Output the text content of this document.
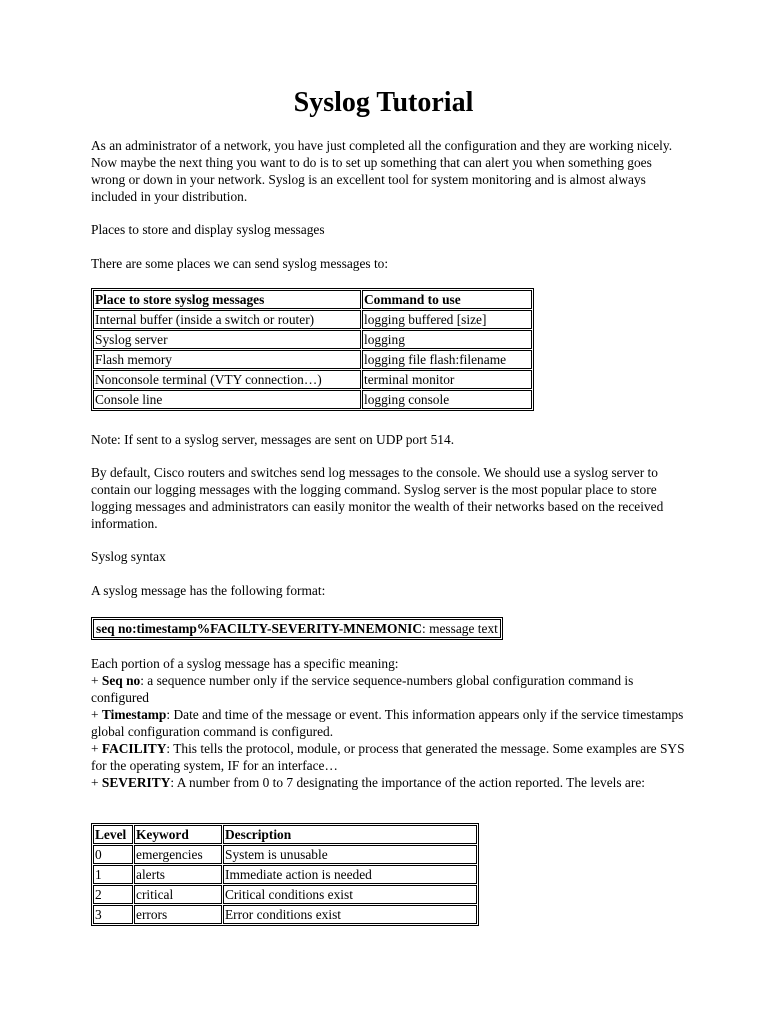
Syslog Tutorial

As an administrator of a network, you have just completed all the configuration and they are working nicely. Now maybe the next thing you want to do is to set up something that can alert you when something goes wrong or down in your network. Syslog is an excellent tool for system monitoring and is almost always included in your distribution.

Places to store and display syslog messages

There are some places we can send syslog messages to:

Place to store syslog messages	Command to use
Internal buffer (inside a switch or router)	logging buffered [size]
Syslog server	logging
Flash memory	logging file flash:filename
Nonconsole terminal (VTY connection…)	terminal monitor
Console line	logging console

Note: If sent to a syslog server, messages are sent on UDP port 514.

By default, Cisco routers and switches send log messages to the console. We should use a syslog server to contain our logging messages with the logging command. Syslog server is the most popular place to store logging messages and administrators can easily monitor the wealth of their networks based on the received information.

Syslog syntax

A syslog message has the following format:

seq no:timestamp%FACILTY-SEVERITY-MNEMONIC: message text

Each portion of a syslog message has a specific meaning:

+ Seq no: a sequence number only if the service sequence-numbers global configuration command is configured

+ Timestamp: Date and time of the message or event. This information appears only if the service timestamps global configuration command is configured.

+ FACILITY: This tells the protocol, module, or process that generated the message. Some examples are SYS for the operating system, IF for an interface…

+ SEVERITY: A number from 0 to 7 designating the importance of the action reported. The levels are:

Level	Keyword	Description
0	emergencies	System is unusable
1	alerts	Immediate action is needed
2	critical	Critical conditions exist
3	errors	Error conditions exist
